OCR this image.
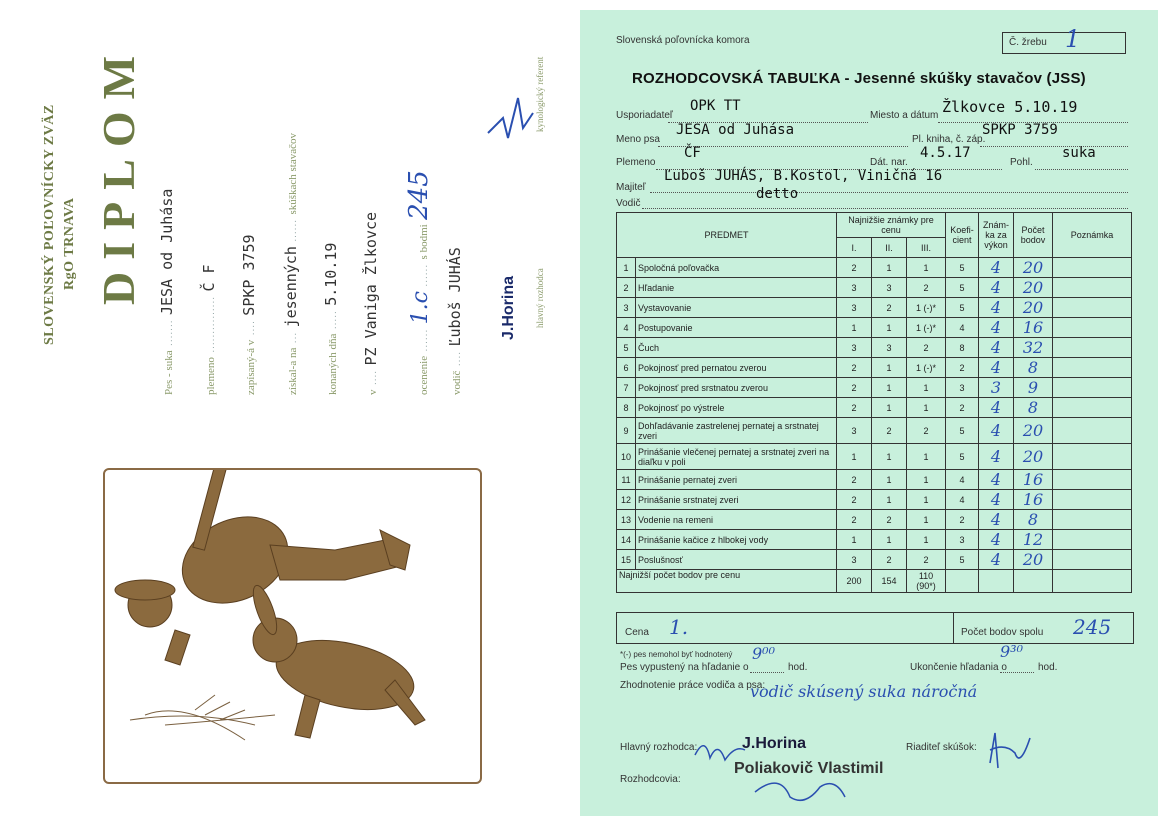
SLOVENSKÝ POĽOVNÍCKY ZVÄZ RgO TRNAVA DIPLOM
Pes - suka ....... JESA od Juhása
plemeno ............... Č F
zapísaný-á v .... SPKP 3759
získal-a na ... jesenných ...... skúškach stavačov
konaných dňa ..... 5.10.19
v .... PZ Vaniga Žlkovce
ocenenie ...... 1.c ...... s bodmi 245
vodič .... Ľuboš JUHÁS
kynologický referent
J.Horina hlavný rozhodca
Slovenská poľovnícka komora	Č. žrebu 1
ROZHODCOVSKÁ TABUĽKA - Jesenné skúšky stavačov (JSS)
Usporiadateľ
OPK TT
Miesto a dátum Žlkovce 5.10.19
Meno psa
JESA od Juhása
Pl. kniha, č. záp.
SPKP 3759
Plemeno
ČF
Dát. nar.
4.5.17
Pohl.
suka
Majiteľ
Ľuboš JUHÁS, B.Kostol, Viničná 16
Vodič
detto
PREDMET		Najnižšie známky pre cenu			Koefi-cient	Znám-ka za výkon	Počet bodov	Poznámka
		I.	II.	III.				
1	Spoločná poľovačka	2	1	1	5	4	20	
2	Hľadanie	3	3	2	5	4	20	
3	Vystavovanie	3	2	1 (-)*	5	4	20	
4	Postupovanie	1	1	1 (-)*	4	4	16	
5	Čuch	3	3	2	8	4	32	
6	Pokojnosť pred pernatou zverou	2	1	1 (-)*	2	4	8	
7	Pokojnosť pred srstnatou zverou	2	1	1	3	3	9	
8	Pokojnosť po výstrele	2	1	1	2	4	8	
9	Dohľadávanie zastrelenej pernatej a srstnatej zveri	3	2	2	5	4	20	
10	Prinášanie vlečenej pernatej a srstnatej zveri na diaľku v poli	1	1	1	5	4	20	
11	Prinášanie pernatej zveri	2	1	1	4	4	16	
12	Prinášanie srstnatej zveri	2	1	1	4	4	16	
13	Vodenie na remeni	2	2	1	2	4	8	
14	Prinášanie kačice z hlbokej vody	1	1	1	3	4	12	
15	Poslušnosť	3	2	2	5	4	20	
Najnižší počet bodov pre cenu		200	154	110 (90*)				
Cena 1.	Počet bodov spolu 245
*(-) pes nemohol byť hodnotený
Pes vypustený na hľadanie o
9⁰⁰
hod.	Ukončenie hľadania o
9³⁰
hod.
Zhodnotenie práce vodiča a psa:
vodič skúsený suka náročná
Hlavný rozhodca:	J.Horina
Rozhodcovia:
Poliakovič Vlastimil
Riaditeľ skúšok:
